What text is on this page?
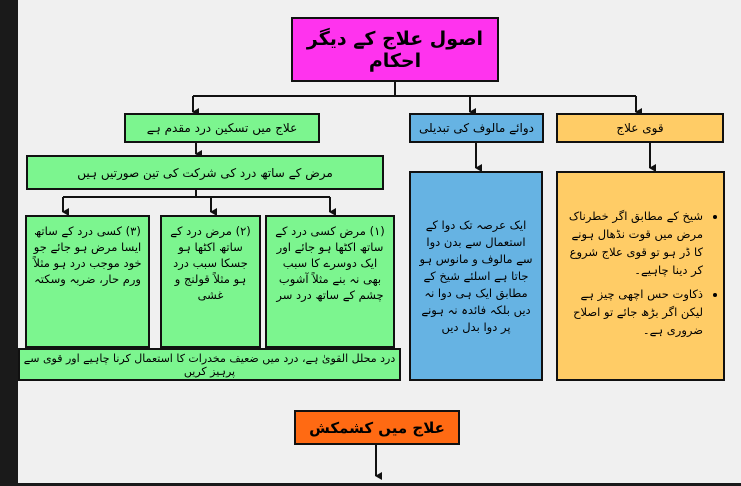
اصول علاج کے دیگر احکام
علاج میں تسکین درد مقدم ہے	دوائے مالوف کی تبدیلی	قوی علاج
مرض کے ساتھ درد کی شرکت کی تین صورتیں ہیں
(۳) کسی درد کے ساتھ ایسا مرض ہو جائے جو خود موجب درد ہو مثلاً ورم حار، ضربہ وسکتہ
(۲) مرض درد کے ساتھ اکٹھا ہو جسکا سبب درد ہو مثلاً قولنج و غشی
(۱) مرض کسی درد کے ساتھ اکٹھا ہو جائے اور ایک دوسرے کا سبب بھی نہ بنے مثلاً آشوب چشم کے ساتھ درد سر
درد محلل القویٰ ہے، درد میں ضعیف مخدرات کا استعمال کرنا چاہیے اور قوی سے پرہیز کریں
ایک عرصہ تک دوا کے استعمال سے بدن دوا سے مالوف و مانوس ہو جاتا ہے اسلئے شیخ کے مطابق ایک ہی دوا نہ دیں بلکہ فائدہ نہ ہونے پر دوا بدل دیں
• شیخ کے مطابق اگر خطرناک مرض میں قوت نڈھال ہونے کا ڈر ہو تو قوی علاج شروع کر دینا چاہیے۔
• ذکاوت حس اچھی چیز ہے لیکن اگر بڑھ جائے تو اصلاح ضروری ہے۔
علاج میں کشمکش
